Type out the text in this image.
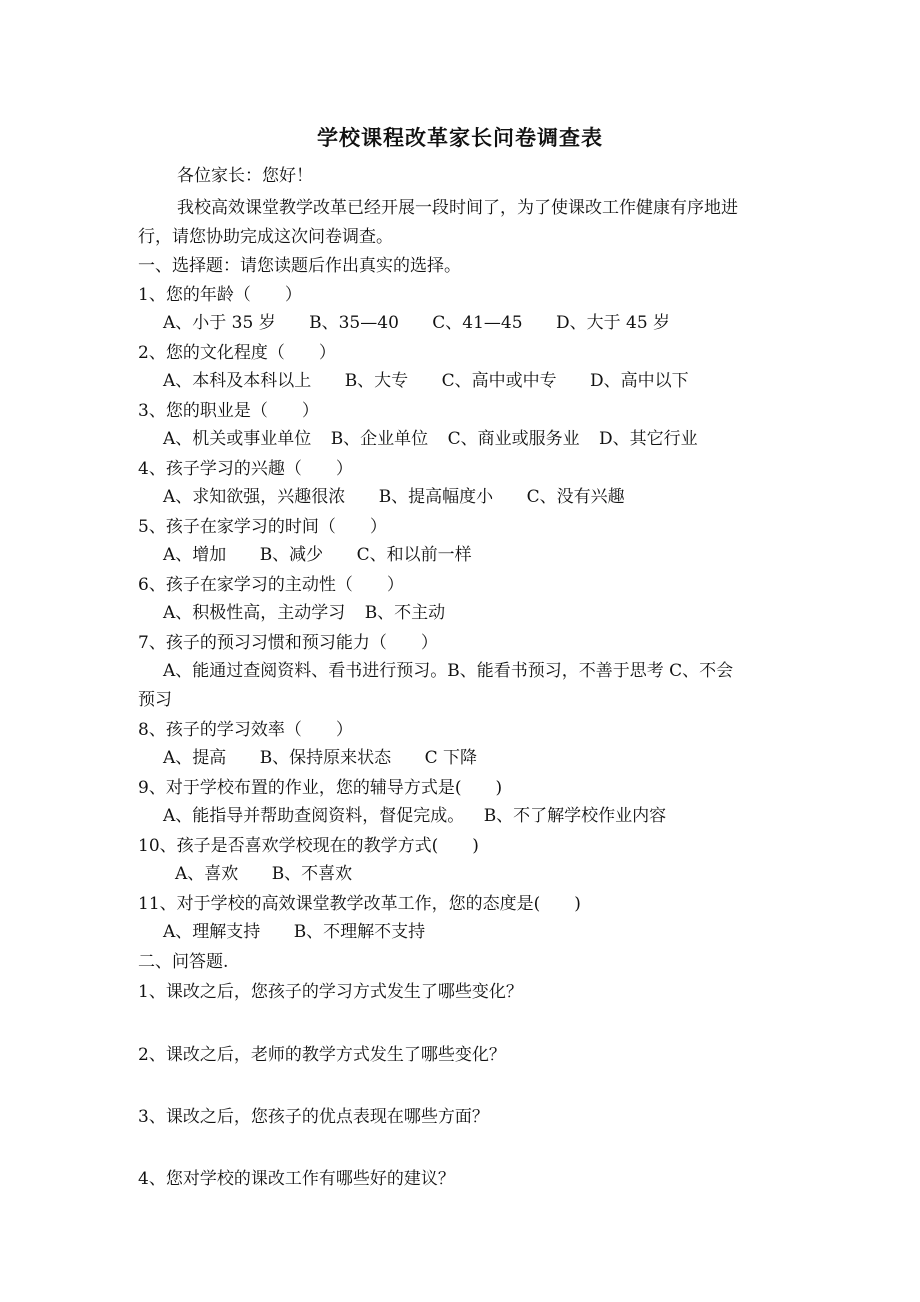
学校课程改革家长问卷调查表
各位家长：您好！
我校高效课堂教学改革已经开展一段时间了，为了使课改工作健康有序地进
行，请您协助完成这次问卷调查。
一、选择题：请您读题后作出真实的选择。
1、您的年龄（　　）
A、小于 35 岁 B、35—40 C、41—45 D、大于 45 岁
2、您的文化程度（　　）
A、本科及本科以上 B、大专 C、高中或中专 D、高中以下
3、您的职业是（　　）
A、机关或事业单位 B、企业单位 C、商业或服务业 D、其它行业
4、孩子学习的兴趣（　　）
A、求知欲强，兴趣很浓 B、提高幅度小 C、没有兴趣
5、孩子在家学习的时间（　　）
A、增加 B、减少 C、和以前一样
6、孩子在家学习的主动性（　　）
A、积极性高，主动学习 B、不主动
7、孩子的预习习惯和预习能力（　　）
A、能通过查阅资料、看书进行预习。B、能看书预习，不善于思考 C、不会
预习
8、孩子的学习效率（　　）
A、提高 B、保持原来状态 C 下降
9、对于学校布置的作业，您的辅导方式是(　　)
A、能指导并帮助查阅资料，督促完成。 B、不了解学校作业内容
10、孩子是否喜欢学校现在的教学方式(　　)
A、喜欢 B、不喜欢
11、对于学校的高效课堂教学改革工作，您的态度是(　　)
A、理解支持 B、不理解不支持
二、问答题.
1、课改之后，您孩子的学习方式发生了哪些变化？
2、课改之后，老师的教学方式发生了哪些变化？
3、课改之后，您孩子的优点表现在哪些方面？
4、您对学校的课改工作有哪些好的建议？
